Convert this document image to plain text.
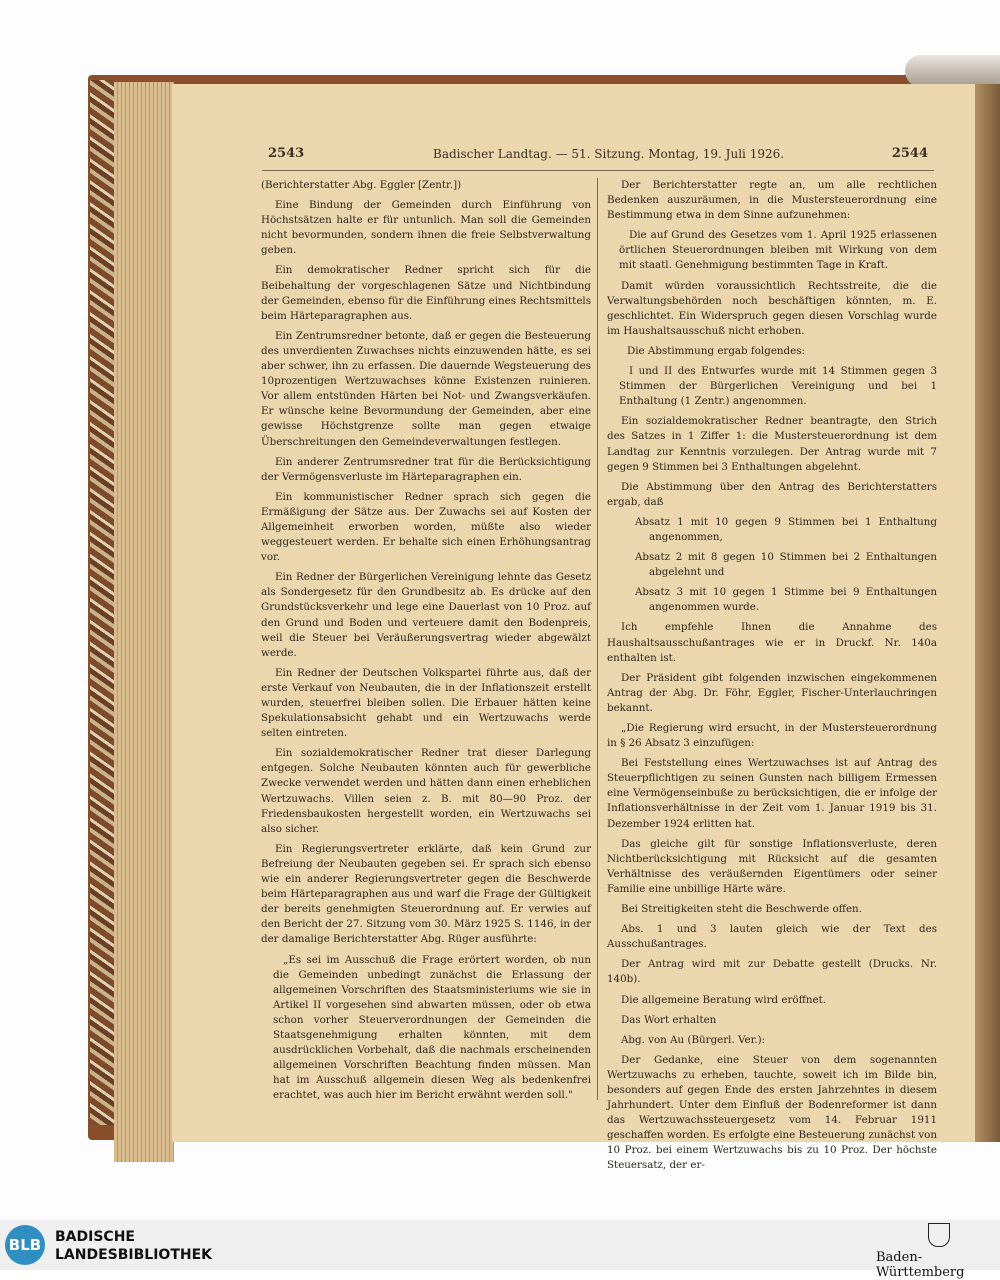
2543	Badischer Landtag. — 51. Sitzung. Montag, 19. Juli 1926.	2544

(Berichterstatter Abg. Eggler [Zentr.])

Eine Bindung der Gemeinden durch Einführung von Höchstsätzen halte er für untunlich. Man soll die Gemeinden nicht bevormunden, sondern ihnen die freie Selbstverwaltung geben.

Ein demokratischer Redner spricht sich für die Beibehaltung der vorgeschlagenen Sätze und Nichtbindung der Gemeinden, ebenso für die Einführung eines Rechtsmittels beim Härteparagraphen aus.

Ein Zentrumsredner betonte, daß er gegen die Besteuerung des unverdienten Zuwachses nichts einzuwenden hätte, es sei aber schwer, ihn zu erfassen. Die dauernde Wegsteuerung des 10prozentigen Wertzuwachses könne Existenzen ruinieren. Vor allem entstünden Härten bei Not- und Zwangsverkäufen. Er wünsche keine Bevormundung der Gemeinden, aber eine gewisse Höchstgrenze sollte man gegen etwaige Überschreitungen den Gemeindeverwaltungen festlegen.

Ein anderer Zentrumsredner trat für die Berücksichtigung der Vermögensverluste im Härteparagraphen ein.

Ein kommunistischer Redner sprach sich gegen die Ermäßigung der Sätze aus. Der Zuwachs sei auf Kosten der Allgemeinheit erworben worden, müßte also wieder weggesteuert werden. Er behalte sich einen Erhöhungsantrag vor.

Ein Redner der Bürgerlichen Vereinigung lehnte das Gesetz als Sondergesetz für den Grundbesitz ab. Es drücke auf den Grundstücksverkehr und lege eine Dauerlast von 10 Proz. auf den Grund und Boden und verteuere damit den Bodenpreis, weil die Steuer bei Veräußerungsvertrag wieder abgewälzt werde.

Ein Redner der Deutschen Volkspartei führte aus, daß der erste Verkauf von Neubauten, die in der Inflationszeit erstellt wurden, steuerfrei bleiben sollen. Die Erbauer hätten keine Spekulationsabsicht gehabt und ein Wertzuwachs werde selten eintreten.

Ein sozialdemokratischer Redner trat dieser Darlegung entgegen. Solche Neubauten könnten auch für gewerbliche Zwecke verwendet werden und hätten dann einen erheblichen Wertzuwachs. Villen seien z. B. mit 80—90 Proz. der Friedensbaukosten hergestellt worden, ein Wertzuwachs sei also sicher.

Ein Regierungsvertreter erklärte, daß kein Grund zur Befreiung der Neubauten gegeben sei. Er sprach sich ebenso wie ein anderer Regierungsvertreter gegen die Beschwerde beim Härteparagraphen aus und warf die Frage der Gültigkeit der bereits genehmigten Steuerordnung auf. Er verwies auf den Bericht der 27. Sitzung vom 30. März 1925 S. 1146, in der der damalige Berichterstatter Abg. Rüger ausführte:

„Es sei im Ausschuß die Frage erörtert worden, ob nun die Gemeinden unbedingt zunächst die Erlassung der allgemeinen Vorschriften des Staatsministeriums wie sie in Artikel II vorgesehen sind abwarten müssen, oder ob etwa schon vorher Steuerverordnungen der Gemeinden die Staatsgenehmigung erhalten könnten, mit dem ausdrücklichen Vorbehalt, daß die nachmals erscheinenden allgemeinen Vorschriften Beachtung finden müssen. Man hat im Ausschuß allgemein diesen Weg als bedenkenfrei erachtet, was auch hier im Bericht erwähnt werden soll."

Der Berichterstatter regte an, um alle rechtlichen Bedenken auszuräumen, in die Mustersteuerordnung eine Bestimmung etwa in dem Sinne aufzunehmen:

Die auf Grund des Gesetzes vom 1. April 1925 erlassenen örtlichen Steuerordnungen bleiben mit Wirkung von dem mit staatl. Genehmigung bestimmten Tage in Kraft.

Damit würden voraussichtlich Rechtsstreite, die die Verwaltungsbehörden noch beschäftigen könnten, m. E. geschlichtet. Ein Widerspruch gegen diesen Vorschlag wurde im Haushaltsausschuß nicht erhoben.

Die Abstimmung ergab folgendes:

I und II des Entwurfes wurde mit 14 Stimmen gegen 3 Stimmen der Bürgerlichen Vereinigung und bei 1 Enthaltung (1 Zentr.) angenommen.

Ein sozialdemokratischer Redner beantragte, den Strich des Satzes in 1 Ziffer 1: die Mustersteuerordnung ist dem Landtag zur Kenntnis vorzulegen. Der Antrag wurde mit 7 gegen 9 Stimmen bei 3 Enthaltungen abgelehnt.

Die Abstimmung über den Antrag des Berichterstatters ergab, daß

Absatz 1 mit 10 gegen 9 Stimmen bei 1 Enthaltung angenommen,

Absatz 2 mit 8 gegen 10 Stimmen bei 2 Enthaltungen abgelehnt und

Absatz 3 mit 10 gegen 1 Stimme bei 9 Enthaltungen angenommen wurde.

Ich empfehle Ihnen die Annahme des Haushaltsausschußantrages wie er in Druckf. Nr. 140a enthalten ist.

Der Präsident gibt folgenden inzwischen eingekommenen Antrag der Abg. Dr. Föhr, Eggler, Fischer-Unterlauchringen bekannt.

„Die Regierung wird ersucht, in der Mustersteuerordnung in § 26 Absatz 3 einzufügen:

Bei Feststellung eines Wertzuwachses ist auf Antrag des Steuerpflichtigen zu seinen Gunsten nach billigem Ermessen eine Vermögenseinbuße zu berücksichtigen, die er infolge der Inflationsverhältnisse in der Zeit vom 1. Januar 1919 bis 31. Dezember 1924 erlitten hat.

Das gleiche gilt für sonstige Inflationsverluste, deren Nichtberücksichtigung mit Rücksicht auf die gesamten Verhältnisse des veräußernden Eigentümers oder seiner Familie eine unbillige Härte wäre.

Bei Streitigkeiten steht die Beschwerde offen.

Abs. 1 und 3 lauten gleich wie der Text des Ausschußantrages.

Der Antrag wird mit zur Debatte gestellt (Drucks. Nr. 140b).

Die allgemeine Beratung wird eröffnet.

Das Wort erhalten

Abg. von Au (Bürgerl. Ver.):

Der Gedanke, eine Steuer von dem sogenannten Wertzuwachs zu erheben, tauchte, soweit ich im Bilde bin, besonders auf gegen Ende des ersten Jahrzehntes in diesem Jahrhundert. Unter dem Einfluß der Bodenreformer ist dann das Wertzuwachssteuergesetz vom 14. Februar 1911 geschaffen worden. Es erfolgte eine Besteuerung zunächst von 10 Proz. bei einem Wertzuwachs bis zu 10 Proz. Der höchste Steuersatz, der er-

BLB BADISCHE
LANDESBIBLIOTHEK	Baden-Württemberg
